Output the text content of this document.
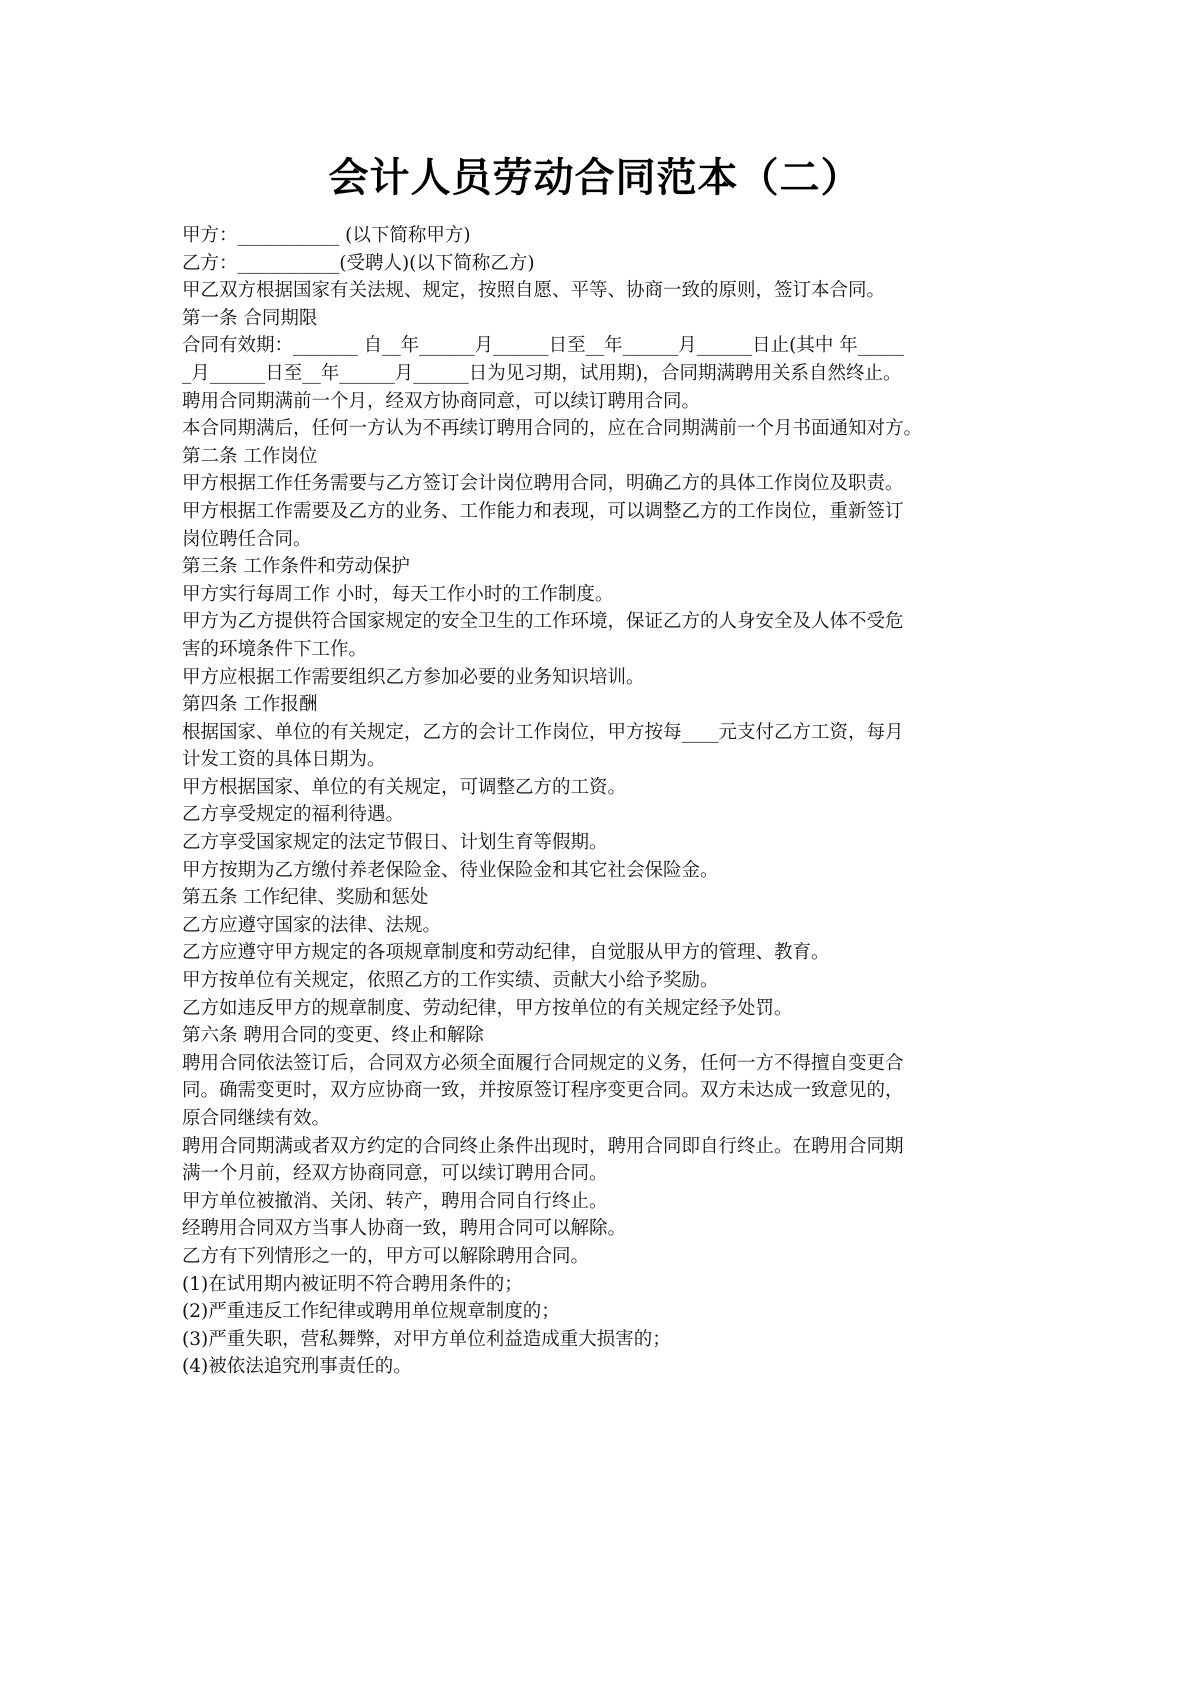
会计人员劳动合同范本（二）
甲方：___________ (以下简称甲方)
乙方：___________(受聘人)(以下简称乙方)
甲乙双方根据国家有关法规、规定，按照自愿、平等、协商一致的原则，签订本合同。
第一条 合同期限
合同有效期：_______ 自__年______月______日至__年______月______日止(其中 年_____
_月______日至__年______月______日为见习期，试用期)，合同期满聘用关系自然终止。
聘用合同期满前一个月，经双方协商同意，可以续订聘用合同。
本合同期满后，任何一方认为不再续订聘用合同的，应在合同期满前一个月书面通知对方。
第二条 工作岗位
甲方根据工作任务需要与乙方签订会计岗位聘用合同，明确乙方的具体工作岗位及职责。
甲方根据工作需要及乙方的业务、工作能力和表现，可以调整乙方的工作岗位，重新签订
岗位聘任合同。
第三条 工作条件和劳动保护
甲方实行每周工作 小时，每天工作小时的工作制度。
甲方为乙方提供符合国家规定的安全卫生的工作环境，保证乙方的人身安全及人体不受危
害的环境条件下工作。
甲方应根据工作需要组织乙方参加必要的业务知识培训。
第四条 工作报酬
根据国家、单位的有关规定，乙方的会计工作岗位，甲方按每____元支付乙方工资，每月
计发工资的具体日期为。
甲方根据国家、单位的有关规定，可调整乙方的工资。
乙方享受规定的福利待遇。
乙方享受国家规定的法定节假日、计划生育等假期。
甲方按期为乙方缴付养老保险金、待业保险金和其它社会保险金。
第五条 工作纪律、奖励和惩处
乙方应遵守国家的法律、法规。
乙方应遵守甲方规定的各项规章制度和劳动纪律，自觉服从甲方的管理、教育。
甲方按单位有关规定，依照乙方的工作实绩、贡献大小给予奖励。
乙方如违反甲方的规章制度、劳动纪律，甲方按单位的有关规定经予处罚。
第六条 聘用合同的变更、终止和解除
聘用合同依法签订后，合同双方必须全面履行合同规定的义务，任何一方不得擅自变更合
同。确需变更时，双方应协商一致，并按原签订程序变更合同。双方未达成一致意见的，
原合同继续有效。
聘用合同期满或者双方约定的合同终止条件出现时，聘用合同即自行终止。在聘用合同期
满一个月前，经双方协商同意，可以续订聘用合同。
甲方单位被撤消、关闭、转产，聘用合同自行终止。
经聘用合同双方当事人协商一致，聘用合同可以解除。
乙方有下列情形之一的，甲方可以解除聘用合同。
(1)在试用期内被证明不符合聘用条件的；
(2)严重违反工作纪律或聘用单位规章制度的；
(3)严重失职，营私舞弊，对甲方单位利益造成重大损害的；
(4)被依法追究刑事责任的。
